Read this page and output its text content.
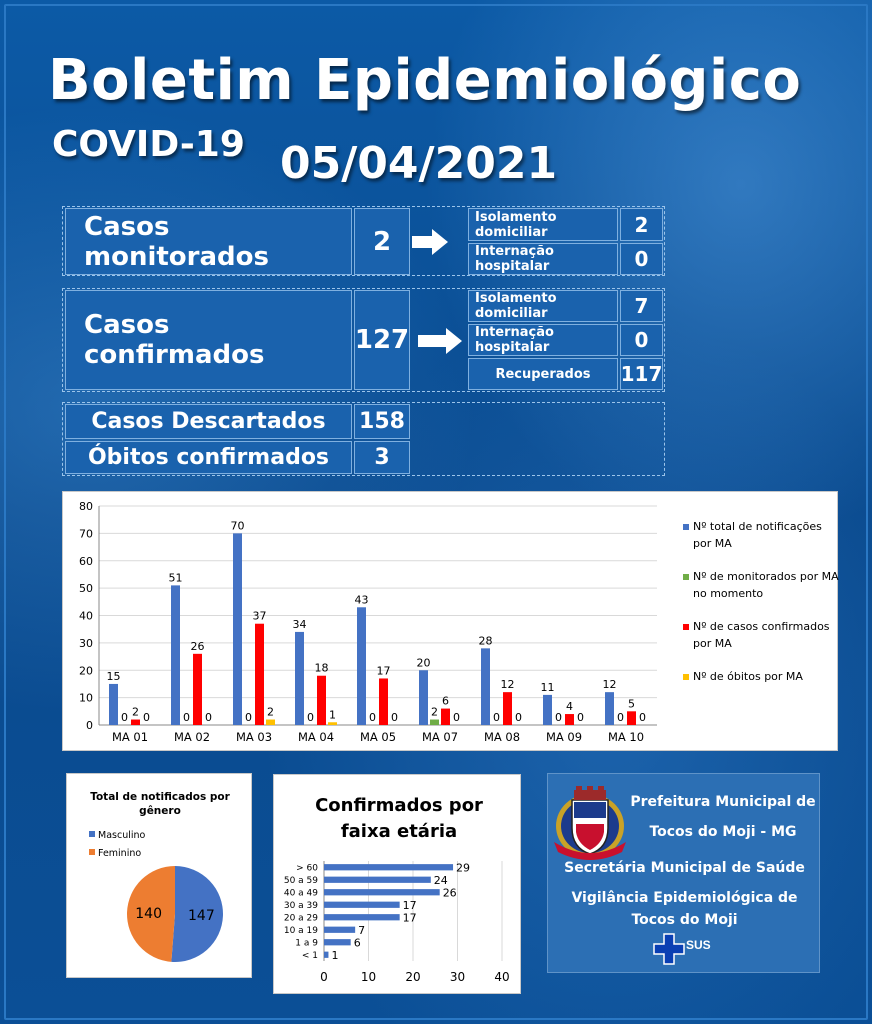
Boletim Epidemiológico
COVID-19 05/04/2021
Casos monitorados	2
Isolamento domiciliar	2
Internação hospitalar	0
Casos confirmados	127
Isolamento domiciliar	7
Internação hospitalar	0
Recuperados	117
Casos Descartados	158
Óbitos confirmados	3
0
10
20
30
40
50
60
70
80
MA 01
15
0 2 0
MA 02
51
0
26
0
MA 03
70
0
37
2
MA 04
34
0
18
1
MA 05
43
0
17
0
MA 07
20
2
6
0
MA 08
28
0
12
0
MA 09
11
0
4
0
MA 10
12
0
5
0
Nº total de notificações por MA
Nº de monitorados por MA no momento
Nº de casos confirmados por MA
Nº de óbitos por MA
Total de notificados por gênero
147
140
Masculino
Feminino
Confirmados por faixa etária
0	10 20 30 40
> 60	29
50 a 59	24
40 a 49	26
30 a 39	17
20 a 29	17
10 a 19	7
1 a 9	6
< 1 1
Prefeitura Municipal de
Tocos do Moji - MG
Secretária Municipal de Saúde
Vigilância Epidemiológica de
Tocos do Moji
SUS
